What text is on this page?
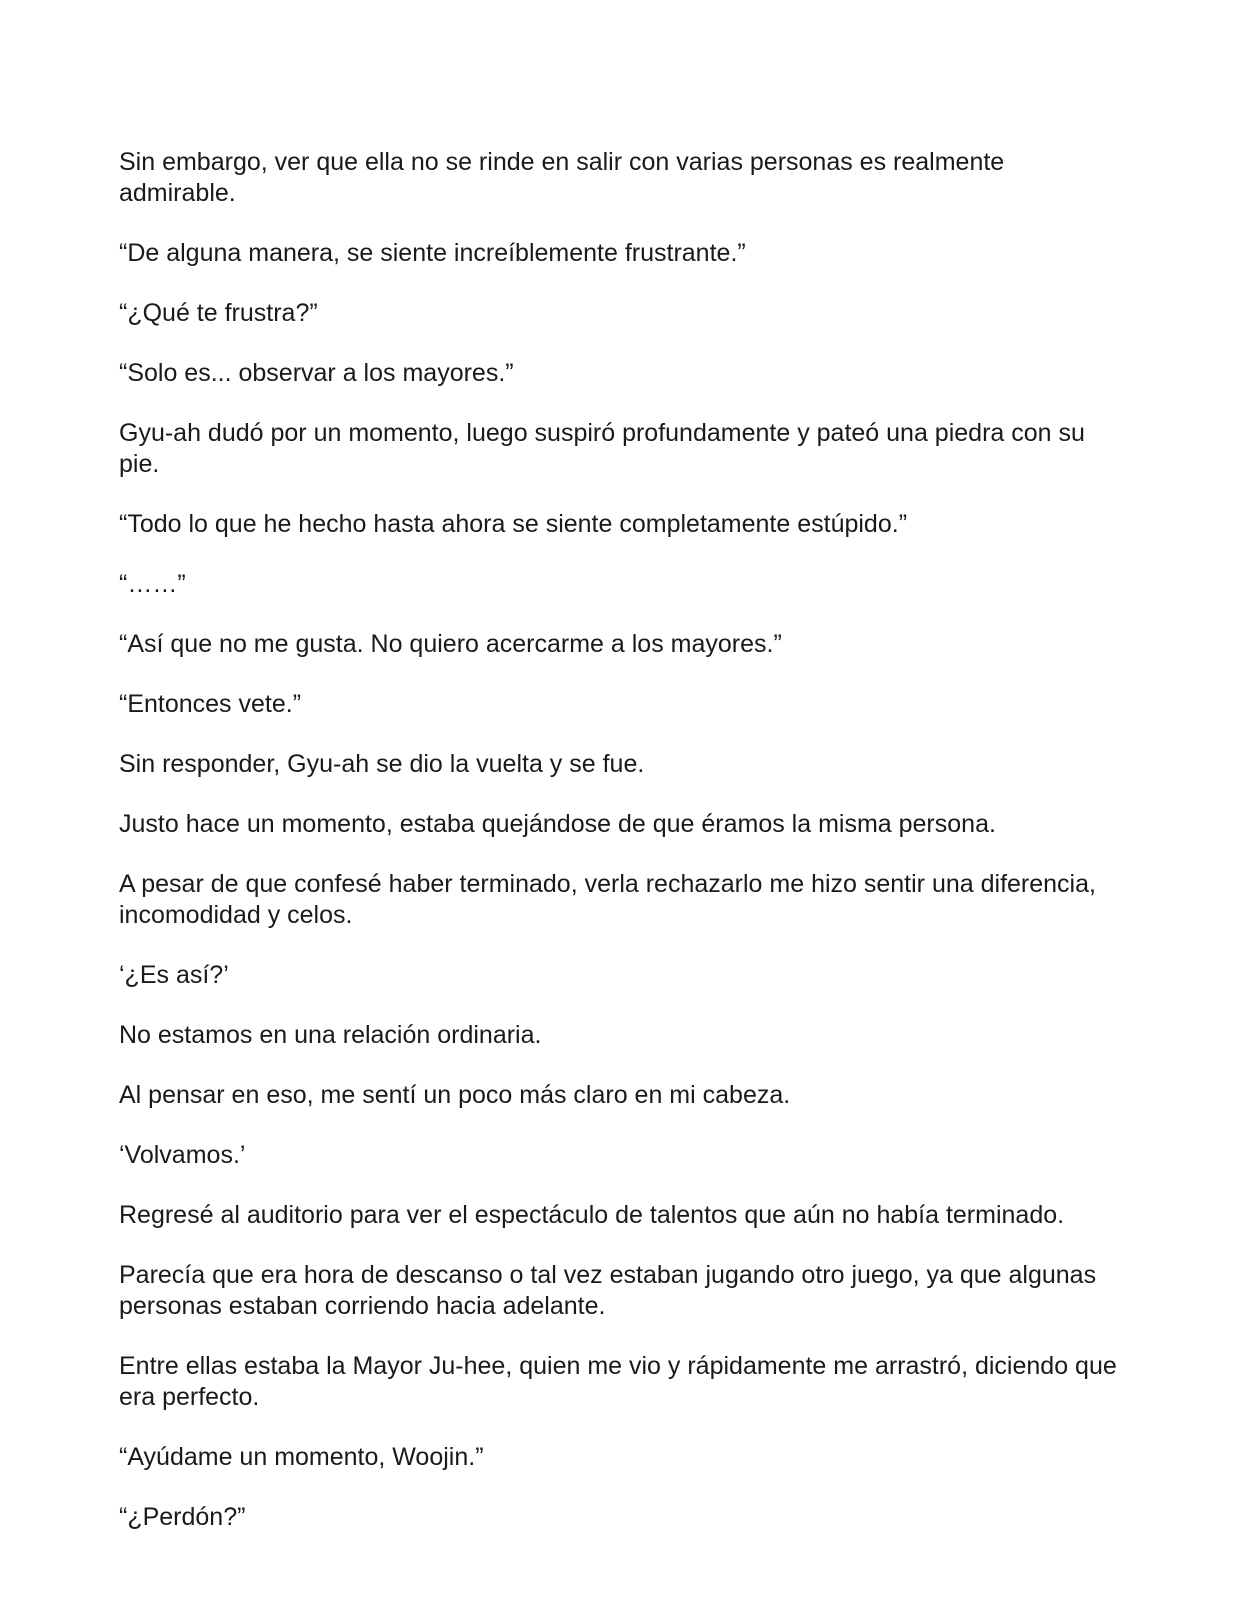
Sin embargo, ver que ella no se rinde en salir con varias personas es realmente admirable.

“De alguna manera, se siente increíblemente frustrante.”

“¿Qué te frustra?”

“Solo es... observar a los mayores.”

Gyu-ah dudó por un momento, luego suspiró profundamente y pateó una piedra con su pie.

“Todo lo que he hecho hasta ahora se siente completamente estúpido.”

“……”

“Así que no me gusta. No quiero acercarme a los mayores.”

“Entonces vete.”

Sin responder, Gyu-ah se dio la vuelta y se fue.

Justo hace un momento, estaba quejándose de que éramos la misma persona.

A pesar de que confesé haber terminado, verla rechazarlo me hizo sentir una diferencia, incomodidad y celos.

‘¿Es así?’

No estamos en una relación ordinaria.

Al pensar en eso, me sentí un poco más claro en mi cabeza.

‘Volvamos.’

Regresé al auditorio para ver el espectáculo de talentos que aún no había terminado.

Parecía que era hora de descanso o tal vez estaban jugando otro juego, ya que algunas personas estaban corriendo hacia adelante.

Entre ellas estaba la Mayor Ju-hee, quien me vio y rápidamente me arrastró, diciendo que era perfecto.

“Ayúdame un momento, Woojin.”

“¿Perdón?”
